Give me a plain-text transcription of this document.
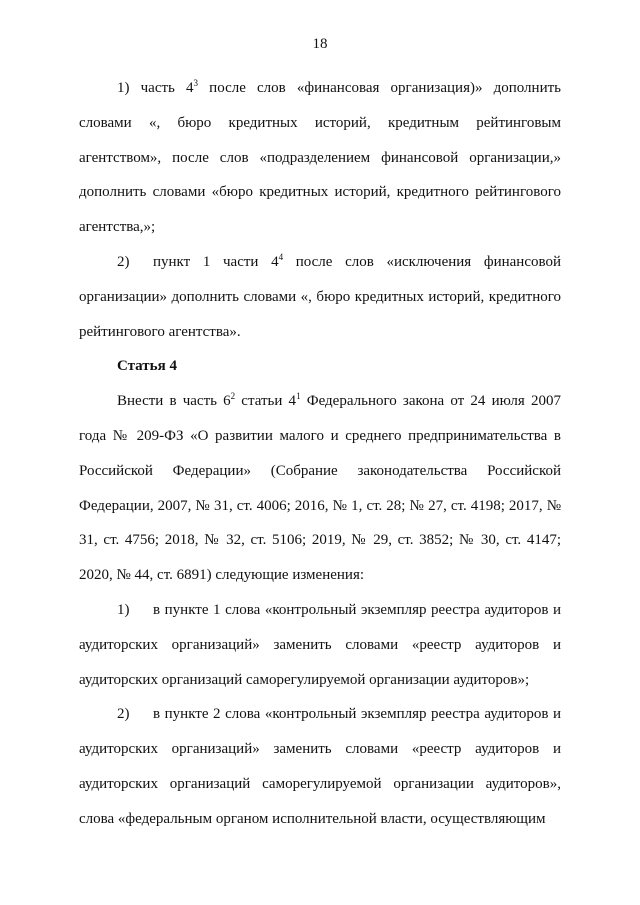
18

1) часть $4^3$ после слов «финансовая организация)» дополнить словами «, бюро кредитных историй, кредитным рейтинговым агентством», после слов «подразделением финансовой организации,» дополнить словами «бюро кредитных историй, кредитного рейтингового агентства,»;

2) пункт 1 части $4^4$ после слов «исключения финансовой организации» дополнить словами «, бюро кредитных историй, кредитного рейтингового агентства».

Статья 4

Внести в часть $6^2$ статьи $4^1$ Федерального закона от 24 июля 2007 года № 209-ФЗ «О развитии малого и среднего предпринимательства в Российской Федерации» (Собрание законодательства Российской Федерации, 2007, № 31, ст. 4006; 2016, № 1, ст. 28; № 27, ст. 4198; 2017, № 31, ст. 4756; 2018, № 32, ст. 5106; 2019, № 29, ст. 3852; № 30, ст. 4147; 2020, № 44, ст. 6891) следующие изменения:

1) в пункте 1 слова «контрольный экземпляр реестра аудиторов и аудиторских организаций» заменить словами «реестр аудиторов и аудиторских организаций саморегулируемой организации аудиторов»;

2) в пункте 2 слова «контрольный экземпляр реестра аудиторов и аудиторских организаций» заменить словами «реестр аудиторов и аудиторских организаций саморегулируемой организации аудиторов», слова «федеральным органом исполнительной власти, осуществляющим
